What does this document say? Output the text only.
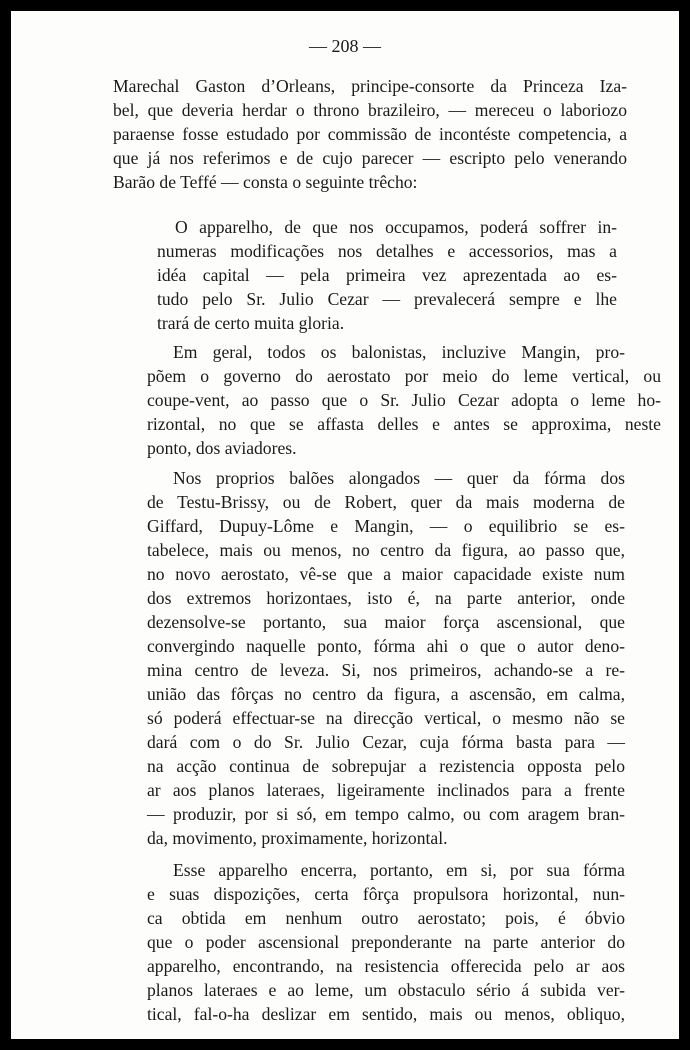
— 208 —

Marechal Gaston d’Orleans, principe-consorte da Princeza Iza-

bel, que deveria herdar o throno brazileiro, — mereceu o laboriozo

paraense fosse estudado por commissão de incontéste competencia, a

que já nos referimos e de cujo parecer — escripto pelo venerando

Barão de Teffé — consta o seguinte trêcho:

O apparelho, de que nos occupamos, poderá soffrer in-

numeras modificações nos detalhes e accessorios, mas a

idéa capital — pela primeira vez aprezentada ao es-

tudo pelo Sr. Julio Cezar — prevalecerá sempre e lhe

trará de certo muita gloria.

Em geral, todos os balonistas, incluzive Mangin, pro-

põem o governo do aerostato por meio do leme vertical, ou

coupe-vent, ao passo que o Sr. Julio Cezar adopta o leme ho-

rizontal, no que se affasta delles e antes se approxima, neste

ponto, dos aviadores.

Nos proprios balões alongados — quer da fórma dos

de Testu-Brissy, ou de Robert, quer da mais moderna de

Giffard, Dupuy-Lôme e Mangin, — o equilibrio se es-

tabelece, mais ou menos, no centro da figura, ao passo que,

no novo aerostato, vê-se que a maior capacidade existe num

dos extremos horizontaes, isto é, na parte anterior, onde

dezensolve-se portanto, sua maior força ascensional, que

convergindo naquelle ponto, fórma ahi o que o autor deno-

mina centro de leveza. Si, nos primeiros, achando-se a re-

união das fôrças no centro da figura, a ascensão, em calma,

só poderá effectuar-se na direcção vertical, o mesmo não se

dará com o do Sr. Julio Cezar, cuja fórma basta para —

na acção continua de sobrepujar a rezistencia opposta pelo

ar aos planos lateraes, ligeiramente inclinados para a frente

— produzir, por si só, em tempo calmo, ou com aragem bran-

da, movimento, proximamente, horizontal.

Esse apparelho encerra, portanto, em si, por sua fórma

e suas dispozições, certa fôrça propulsora horizontal, nun-

ca obtida em nenhum outro aerostato; pois, é óbvio

que o poder ascensional preponderante na parte anterior do

apparelho, encontrando, na resistencia offerecida pelo ar aos

planos lateraes e ao leme, um obstaculo sério á subida ver-

tical, fal-o-ha deslizar em sentido, mais ou menos, obliquo,
